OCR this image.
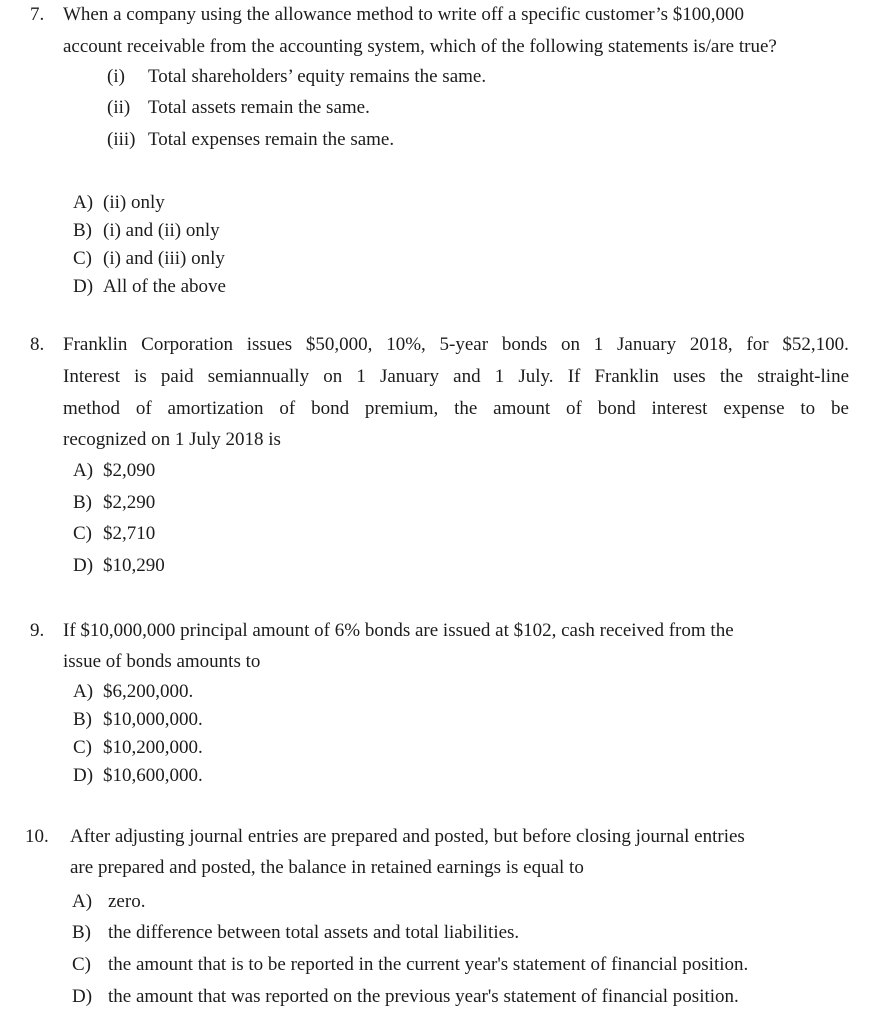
7. When a company using the allowance method to write off a specific customer’s $100,000
account receivable from the accounting system, which of the following statements is/are true?
(i) Total shareholders’ equity remains the same.
(ii) Total assets remain the same.
(iii) Total expenses remain the same.
A) (ii) only
B) (i) and (ii) only
C) (i) and (iii) only
D) All of the above
8. Franklin Corporation issues $50,000, 10%, 5-year bonds on 1 January 2018, for $52,100.
Interest is paid semiannually on 1 January and 1 July. If Franklin uses the straight-line
method of amortization of bond premium, the amount of bond interest expense to be
recognized on 1 July 2018 is
A) $2,090
B) $2,290
C) $2,710
D) $10,290
9. If $10,000,000 principal amount of 6% bonds are issued at $102, cash received from the
issue of bonds amounts to
A) $6,200,000.
B) $10,000,000.
C) $10,200,000.
D) $10,600,000.
10. After adjusting journal entries are prepared and posted, but before closing journal entries
are prepared and posted, the balance in retained earnings is equal to
A) zero.
B) the difference between total assets and total liabilities.
C) the amount that is to be reported in the current year's statement of financial position.
D) the amount that was reported on the previous year's statement of financial position.
